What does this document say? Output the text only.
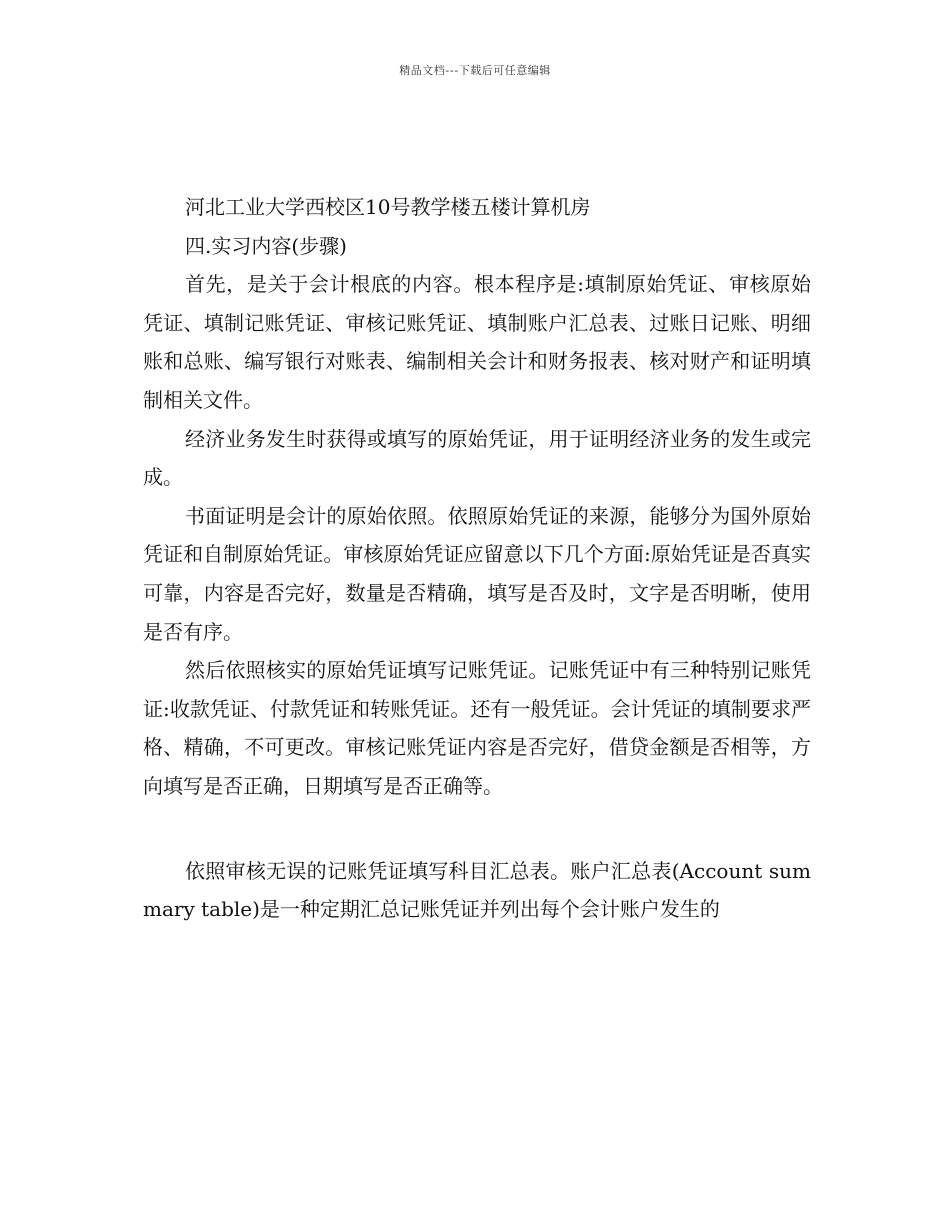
精品文档---下载后可任意编辑

河北工业大学西校区10号教学楼五楼计算机房

四.实习内容(步骤)

首先，是关于会计根底的内容。根本程序是:填制原始凭证、审核原始凭证、填制记账凭证、审核记账凭证、填制账户汇总表、过账日记账、明细账和总账、编写银行对账表、编制相关会计和财务报表、核对财产和证明填制相关文件。

经济业务发生时获得或填写的原始凭证，用于证明经济业务的发生或完成。

书面证明是会计的原始依照。依照原始凭证的来源，能够分为国外原始凭证和自制原始凭证。审核原始凭证应留意以下几个方面:原始凭证是否真实可靠，内容是否完好，数量是否精确，填写是否及时，文字是否明晰，使用是否有序。

然后依照核实的原始凭证填写记账凭证。记账凭证中有三种特别记账凭证:收款凭证、付款凭证和转账凭证。还有一般凭证。会计凭证的填制要求严格、精确，不可更改。审核记账凭证内容是否完好，借贷金额是否相等，方向填写是否正确，日期填写是否正确等。

依照审核无误的记账凭证填写科目汇总表。账户汇总表(Account summary table)是一种定期汇总记账凭证并列出每个会计账户发生的
